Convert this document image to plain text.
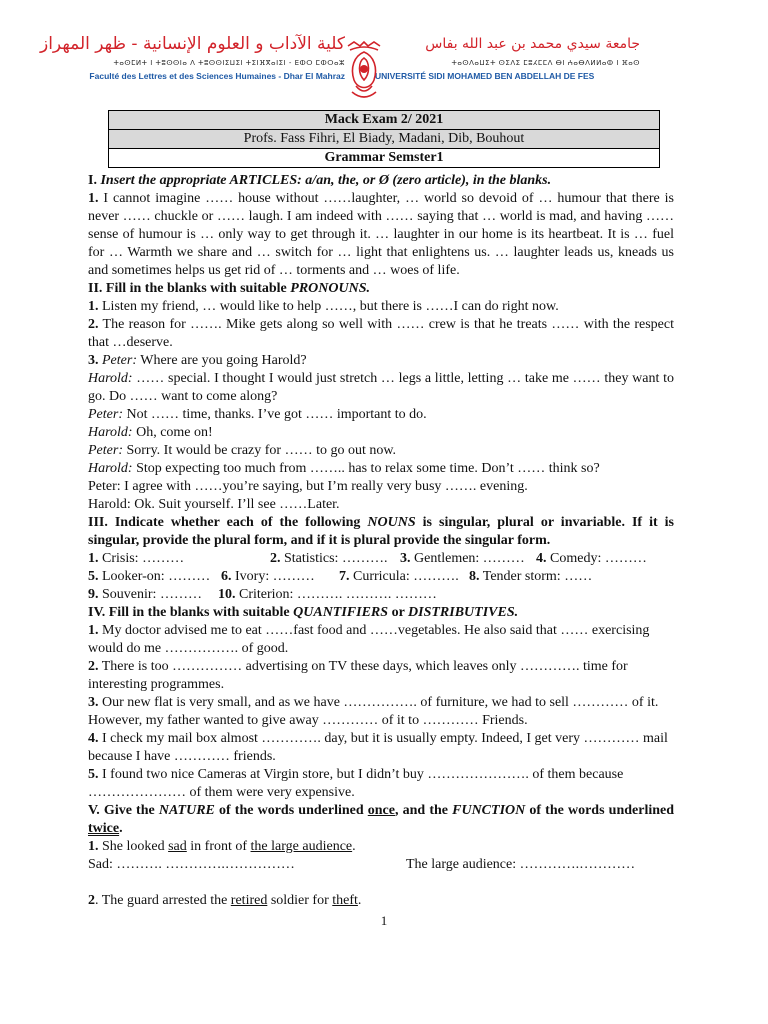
كلية الآداب و العلوم الإنسانية - ظهر المهراز
ⵜⴰⵙⵎⵍⵜ ⵏ ⵜⵓⵙⵙⵏⴰ ⴷ ⵜⵓⵙⵙⵏⵉⵡⵉⵏ ⵜⵉⵏⴼⴳⴰⵏⵉⵏ - ⴹⵀⵔ ⵎⵀⵔⴰⵣ
Faculté des Lettres et des Sciences Humaines - Dhar El Mahraz
جامعة سيدي محمد بن عبد الله بفاس
ⵜⴰⵙⴷⴰⵡⵉⵜ ⵙⵉⴷⵉ ⵎⵓⵃⵎⵎⴷ ⴱⵏ ⵄⴰⴱⴷⵍⵍⴰⵀ ⵏ ⴼⴰⵙ
UNIVERSITÉ SIDI MOHAMED BEN ABDELLAH DE FES
Mack Exam 2/ 2021
Profs. Fass Fihri, El Biady, Madani, Dib, Bouhout
Grammar Semster1

I. Insert the appropriate ARTICLES: a/an, the, or Ø (zero article), in the blanks.

1. I cannot imagine …… house without ……laughter, … world so devoid of … humour that there is never …… chuckle or …… laugh. I am indeed with …… saying that … world is mad, and having …… sense of humour is … only way to get through it. … laughter in our home is its heartbeat. It is … fuel for … Warmth we share and … switch for … light that enlightens us. … laughter leads us, kneads us and sometimes helps us get rid of … torments and … woes of life.

II. Fill in the blanks with suitable PRONOUNS.

1. Listen my friend, … would like to help ……, but there is ……I can do right now.

2. The reason for ……. Mike gets along so well with …… crew is that he treats …… with the respect that …deserve.

3. Peter: Where are you going Harold?

Harold: …… special. I thought I would just stretch … legs a little, letting … take me …… they want to go. Do …… want to come along?

Peter: Not …… time, thanks. I’ve got …… important to do.

Harold: Oh, come on!

Peter: Sorry. It would be crazy for …… to go out now.

Harold: Stop expecting too much from …….. has to relax some time. Don’t …… think so?

Peter: I agree with ……you’re saying, but I’m really very busy ……. evening.

Harold: Ok. Suit yourself. I’ll see ……Later.

III. Indicate whether each of the following NOUNS is singular, plural or invariable. If it is singular, provide the plural form, and if it is plural provide the singular form.

1. Crisis: ………	2. Statistics: ………. 3. Gentlemen: ……… 4. Comedy: ………
5. Looker-on: ……… 6. Ivory: ………	7. Curricula: ………. 8. Tender storm: ……
9. Souvenir: ………	10. Criterion: ………. ………. ………

IV. Fill in the blanks with suitable QUANTIFIERS or DISTRIBUTIVES.

1. My doctor advised me to eat ……fast food and ……vegetables. He also said that …… exercising would do me ……………. of good.

2. There is too …………… advertising on TV these days, which leaves only …………. time for interesting programmes.

3. Our new flat is very small, and as we have ……………. of furniture, we had to sell ………… of it. However, my father wanted to give away ………… of it to ………… Friends.

4. I check my mail box almost …………. day, but it is usually empty. Indeed, I get very ………… mail because I have ………… friends.

5. I found two nice Cameras at Virgin store, but I didn’t buy …………………. of them because ………………… of them were very expensive.

V. Give the NATURE of the words underlined once, and the FUNCTION of the words underlined twice.

1. She looked sad in front of the large audience.

Sad: ………. ………….……………	The large audience: ………….…………

2. The guard arrested the retired soldier for theft.

1
